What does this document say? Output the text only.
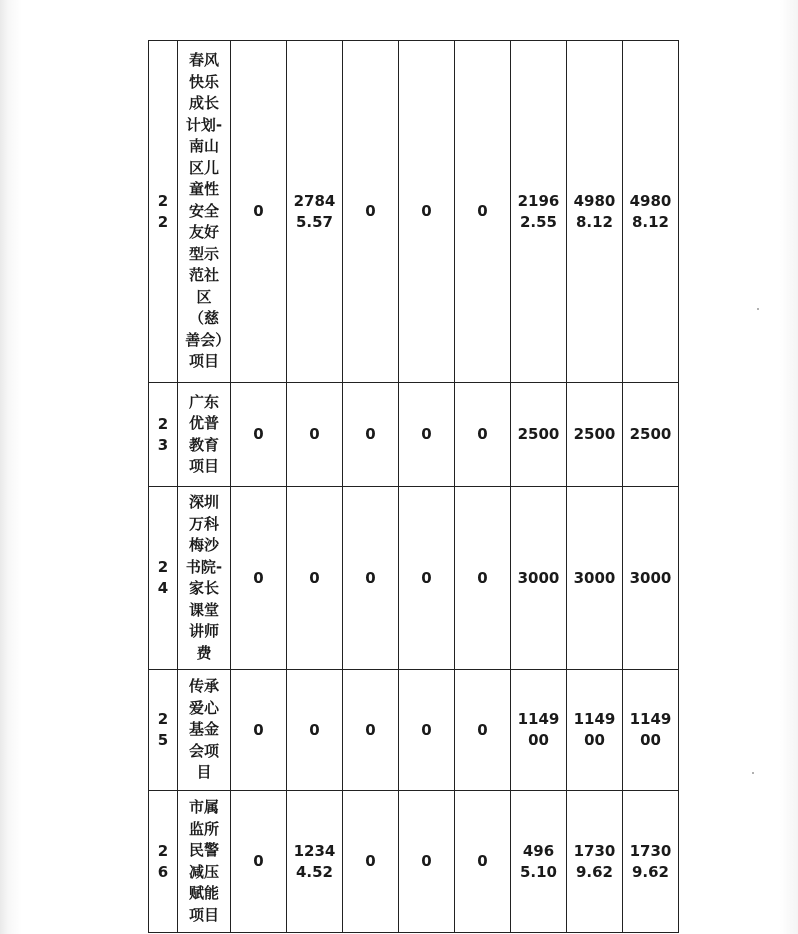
22	春风快乐成长计划-南山区儿童性安全友好型示范社区（慈善会）项目	0	27845.57	0	0	0	21962.55	49808.12	49808.12
23	广东优普教育项目	0	0	0	0	0	2500	2500	2500
24	深圳万科梅沙书院-家长课堂讲师费	0	0	0	0	0	3000	3000	3000
25	传承爱心基金会项目	0	0	0	0	0	114900	114900	114900
26	市属监所民警减压赋能项目	0	12344.52	0	0	0	4965.10	17309.62	17309.62
